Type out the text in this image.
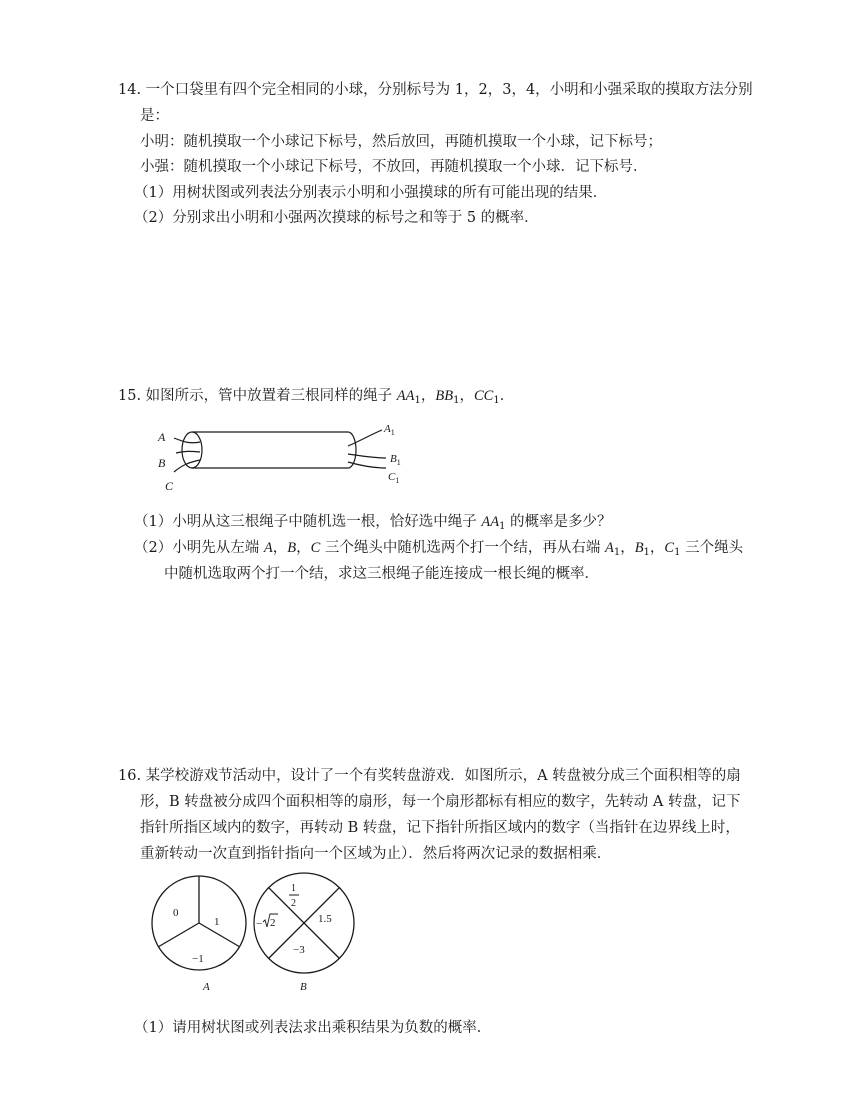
14. 一个口袋里有四个完全相同的小球，分别标号为 1，2，3，4，小明和小强采取的摸取方法分别
是：
小明：随机摸取一个小球记下标号，然后放回，再随机摸取一个小球，记下标号；
小强：随机摸取一个小球记下标号，不放回，再随机摸取一个小球．记下标号．
（1）用树状图或列表法分别表示小明和小强摸球的所有可能出现的结果．
（2）分别求出小明和小强两次摸球的标号之和等于 5 的概率．
15. 如图所示，管中放置着三根同样的绳子 $AA_1$，$BB_1$，$CC_1$．
A
B
C
$A_1$
$B_1$
$C_1$
（1）小明从这三根绳子中随机选一根，恰好选中绳子 $AA_1$ 的概率是多少？
（2）小明先从左端 A，B，C 三个绳头中随机选两个打一个结，再从右端 $A_1$，$B_1$，$C_1$ 三个绳头
中随机选取两个打一个结，求这三根绳子能连接成一根长绳的概率．
16. 某学校游戏节活动中，设计了一个有奖转盘游戏．如图所示，A 转盘被分成三个面积相等的扇
形，B 转盘被分成四个面积相等的扇形，每一个扇形都标有相应的数字，先转动 A 转盘，记下
指针所指区域内的数字，再转动 B 转盘，记下指针所指区域内的数字（当指针在边界线上时，
重新转动一次直到指针指向一个区域为止）．然后将两次记录的数据相乘．
0
1
−1
A
1
2
1.5
−3
− 2
B
（1）请用树状图或列表法求出乘积结果为负数的概率．
